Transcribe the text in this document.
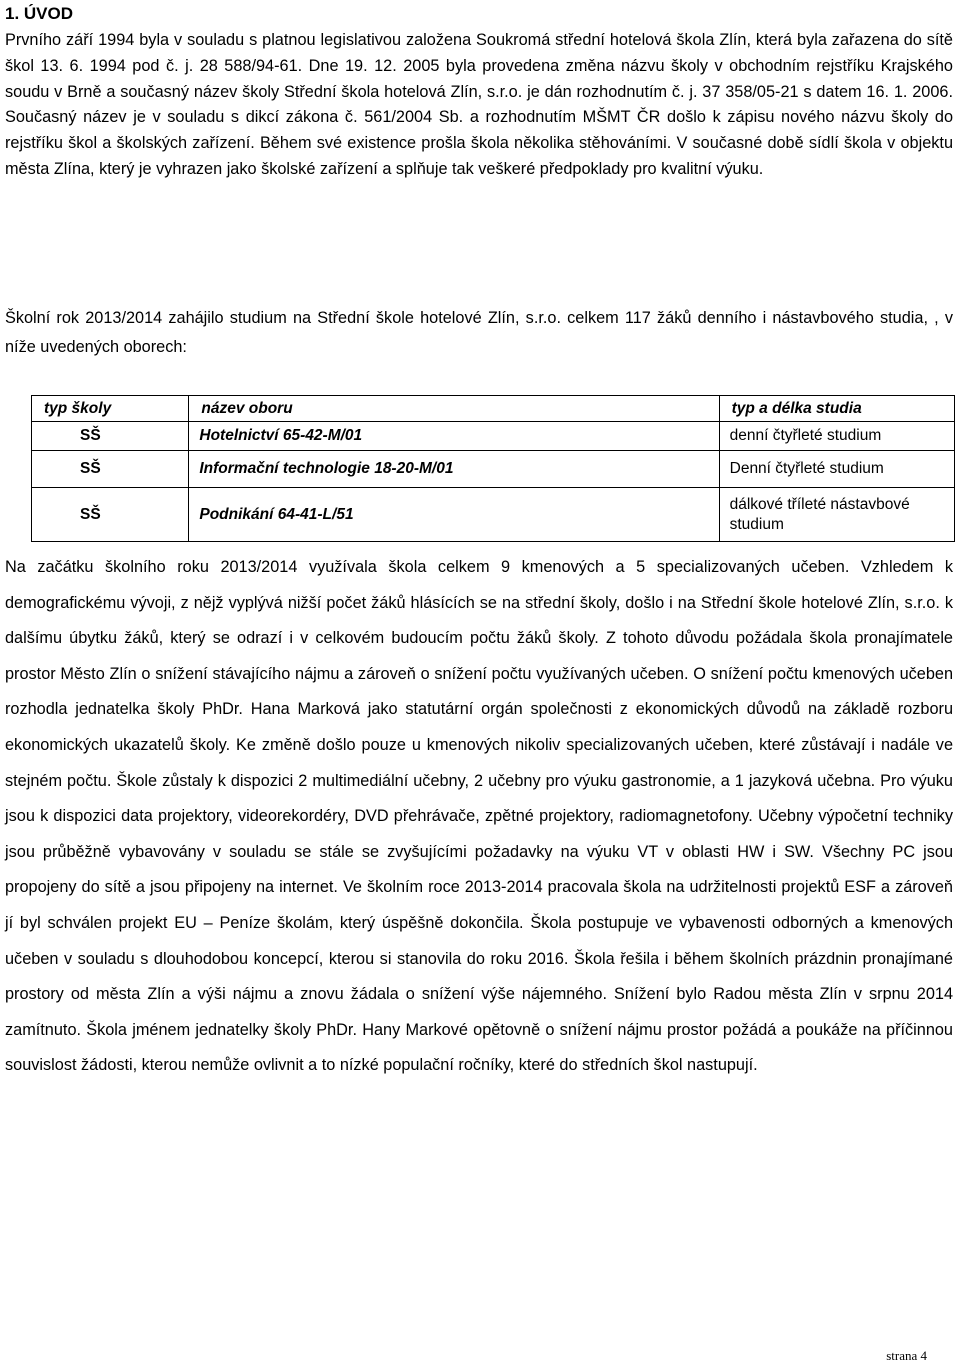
1. ÚVOD

Prvního září 1994 byla v souladu s platnou legislativou založena Soukromá střední hotelová škola Zlín, která byla zařazena do sítě škol 13. 6. 1994 pod č. j. 28 588/94-61. Dne 19. 12. 2005 byla provedena změna názvu školy v obchodním rejstříku Krajského soudu v Brně a současný název školy Střední škola hotelová Zlín, s.r.o. je dán rozhodnutím č. j. 37 358/05-21 s datem 16. 1. 2006. Současný název je v souladu s dikcí zákona č. 561/2004 Sb. a rozhodnutím MŠMT ČR došlo k zápisu nového názvu školy do rejstříku škol a školských zařízení. Během své existence prošla škola několika stěhováními. V současné době sídlí škola v objektu města Zlína, který je vyhrazen jako školské zařízení a splňuje tak veškeré předpoklady pro kvalitní výuku.

Školní rok 2013/2014 zahájilo studium na Střední škole hotelové Zlín, s.r.o. celkem 117 žáků denního i nástavbového studia, , v níže uvedených oborech:

typ školy	název oboru	typ a délka studia
SŠ	Hotelnictví 65-42-M/01	denní čtyřleté studium
SŠ	Informační technologie 18-20-M/01	Denní čtyřleté studium
SŠ	Podnikání 64-41-L/51	dálkové tříleté nástavbové studium

Na začátku školního roku 2013/2014 využívala škola celkem 9 kmenových a 5 specializovaných učeben. Vzhledem k demografickému vývoji, z nějž vyplývá nižší počet žáků hlásících se na střední školy, došlo i na Střední škole hotelové Zlín, s.r.o. k dalšímu úbytku žáků, který se odrazí i v celkovém budoucím počtu žáků školy. Z tohoto důvodu požádala škola pronajímatele prostor Město Zlín o snížení stávajícího nájmu a zároveň o snížení počtu využívaných učeben. O snížení počtu kmenových učeben rozhodla jednatelka školy PhDr. Hana Marková jako statutární orgán společnosti z ekonomických důvodů na základě rozboru ekonomických ukazatelů školy. Ke změně došlo pouze u kmenových nikoliv specializovaných učeben, které zůstávají i nadále ve stejném počtu. Škole zůstaly k dispozici 2 multimediální učebny, 2 učebny pro výuku gastronomie, a 1 jazyková učebna. Pro výuku jsou k dispozici data projektory, videorekordéry, DVD přehrávače, zpětné projektory, radiomagnetofony. Učebny výpočetní techniky jsou průběžně vybavovány v souladu se stále se zvyšujícími požadavky na výuku VT v oblasti HW i SW. Všechny PC jsou propojeny do sítě a jsou připojeny na internet. Ve školním roce 2013-2014 pracovala škola na udržitelnosti projektů ESF a zároveň jí byl schválen projekt EU – Peníze školám, který úspěšně dokončila. Škola postupuje ve vybavenosti odborných a kmenových učeben v souladu s dlouhodobou koncepcí, kterou si stanovila do roku 2016. Škola řešila i během školních prázdnin pronajímané prostory od města Zlín a výši nájmu a znovu žádala o snížení výše nájemného. Snížení bylo Radou města Zlín v srpnu 2014 zamítnuto. Škola jménem jednatelky školy PhDr. Hany Markové opětovně o snížení nájmu prostor požádá a poukáže na příčinnou souvislost žádosti, kterou nemůže ovlivnit a to nízké populační ročníky, které do středních škol nastupují.

strana 4
